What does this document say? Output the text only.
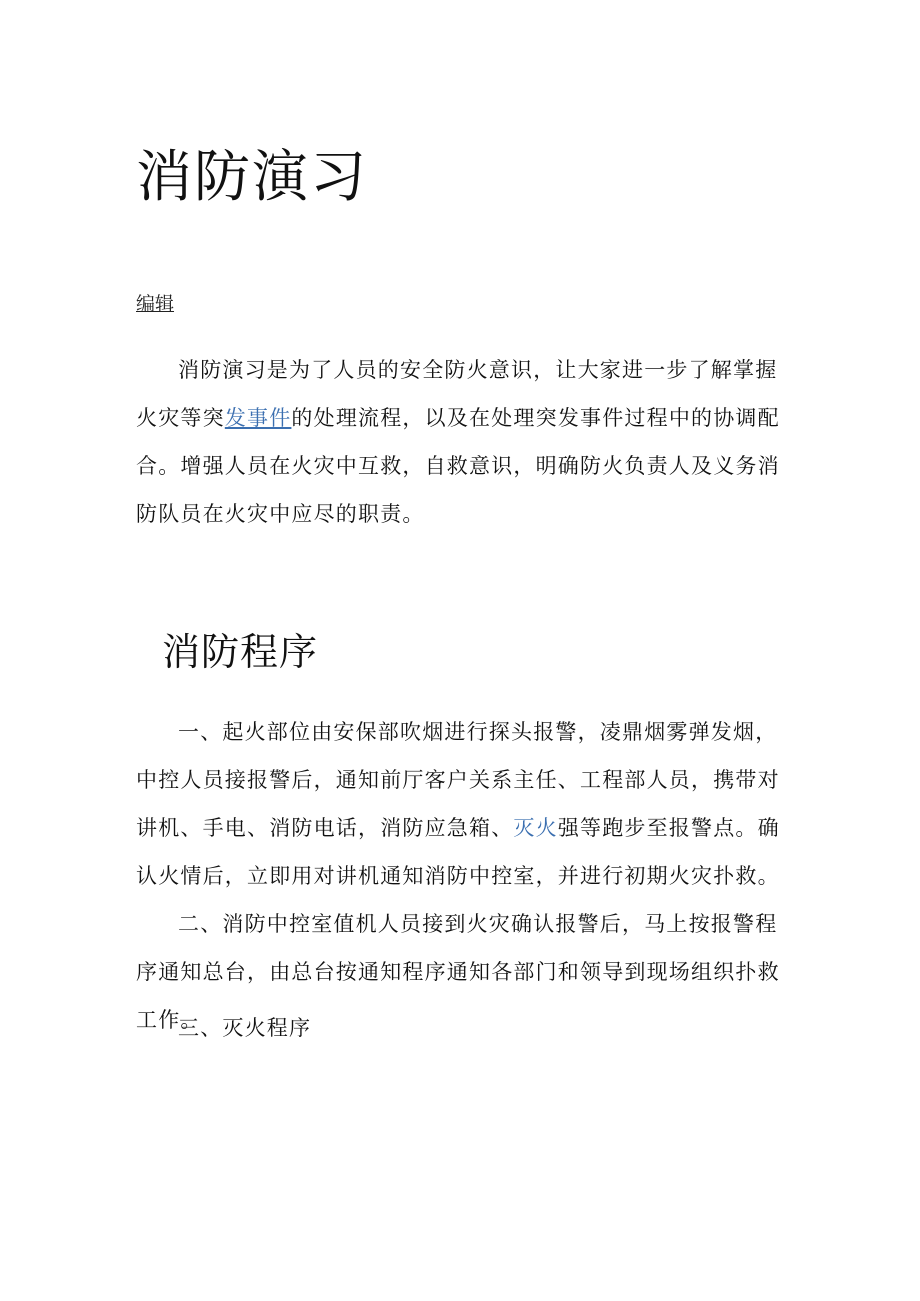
消防演习
编辑

消防演习是为了人员的安全防火意识，让大家进一步了解掌握火灾等突发事件的处理流程，以及在处理突发事件过程中的协调配合。增强人员在火灾中互救，自救意识，明确防火负责人及义务消防队员在火灾中应尽的职责。

消防程序

一、起火部位由安保部吹烟进行探头报警，凌鼎烟雾弹发烟，中控人员接报警后，通知前厅客户关系主任、工程部人员，携带对讲机、手电、消防电话，消防应急箱、灭火强等跑步至报警点。确认火情后，立即用对讲机通知消防中控室，并进行初期火灾扑救。

二、消防中控室值机人员接到火灾确认报警后，马上按报警程序通知总台，由总台按通知程序通知各部门和领导到现场组织扑救工作。

三、灭火程序
